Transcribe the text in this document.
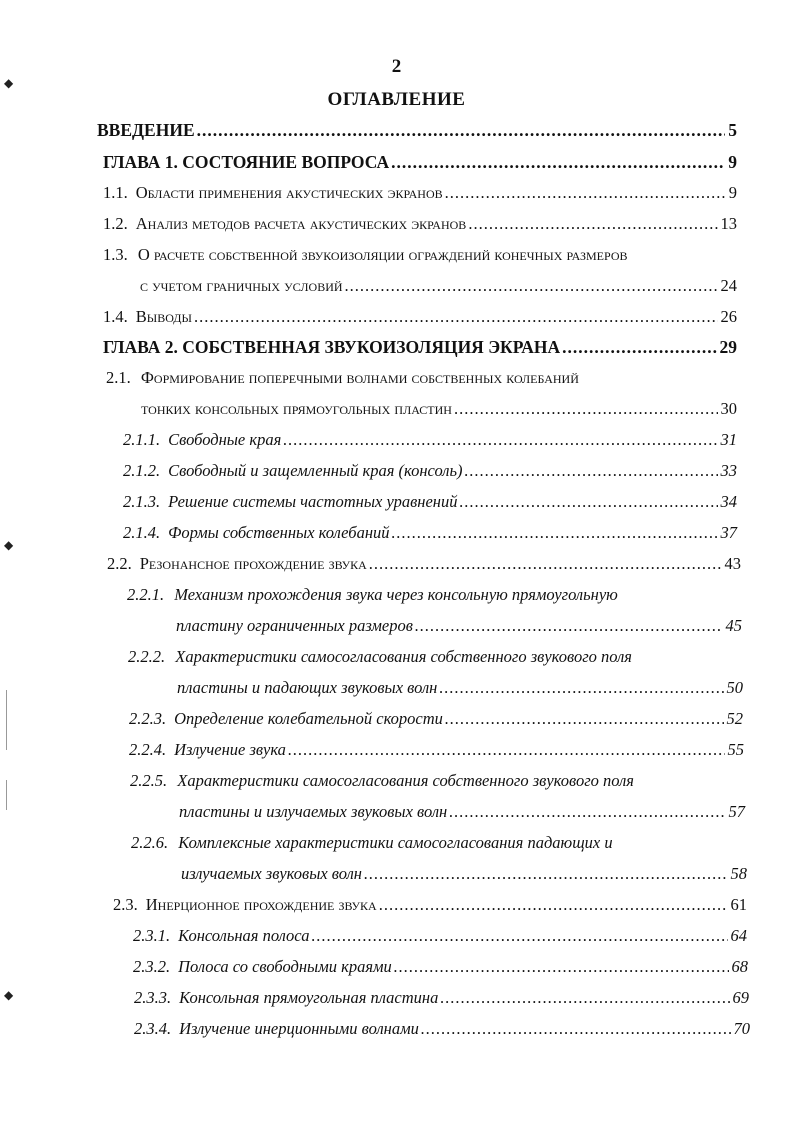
2
ОГЛАВЛЕНИЕ
ВВЕДЕНИЕ .....	5
ГЛАВА 1. СОСТОЯНИЕ ВОПРОСА .....	9
1.1. Области применения акустических экранов .....	9
1.2. Анализ методов расчета акустических экранов .....	13
1.3. О расчете собственной звукоизоляции ограждений конечных размеров
с учетом граничных условий .....	24
1.4. Выводы .....	26
ГЛАВА 2. СОБСТВЕННАЯ ЗВУКОИЗОЛЯЦИЯ ЭКРАНА .....	29
2.1. Формирование поперечными волнами собственных колебаний
тонких консольных прямоугольных пластин .....	30
2.1.1. Свободные края .....	31
2.1.2. Свободный и защемленный края (консоль) .....	33
2.1.3. Решение системы частотных уравнений .....	34
2.1.4. Формы собственных колебаний .....	37
2.2. Резонансное прохождение звука .....	43
2.2.1. Механизм прохождения звука через консольную прямоугольную
пластину ограниченных размеров .....	45
2.2.2. Характеристики самосогласования собственного звукового поля
пластины и падающих звуковых волн .....	50
2.2.3. Определение колебательной скорости .....	52
2.2.4. Излучение звука .....	55
2.2.5. Характеристики самосогласования собственного звукового поля
пластины и излучаемых звуковых волн .....	57
2.2.6. Комплексные характеристики самосогласования падающих и
излучаемых звуковых волн .....	58
2.3. Инерционное прохождение звука .....	61
2.3.1. Консольная полоса .....	64
2.3.2. Полоса со свободными краями .....	68
2.3.3. Консольная прямоугольная пластина .....	69
2.3.4. Излучение инерционными волнами .....	70
◆
◆
◆
